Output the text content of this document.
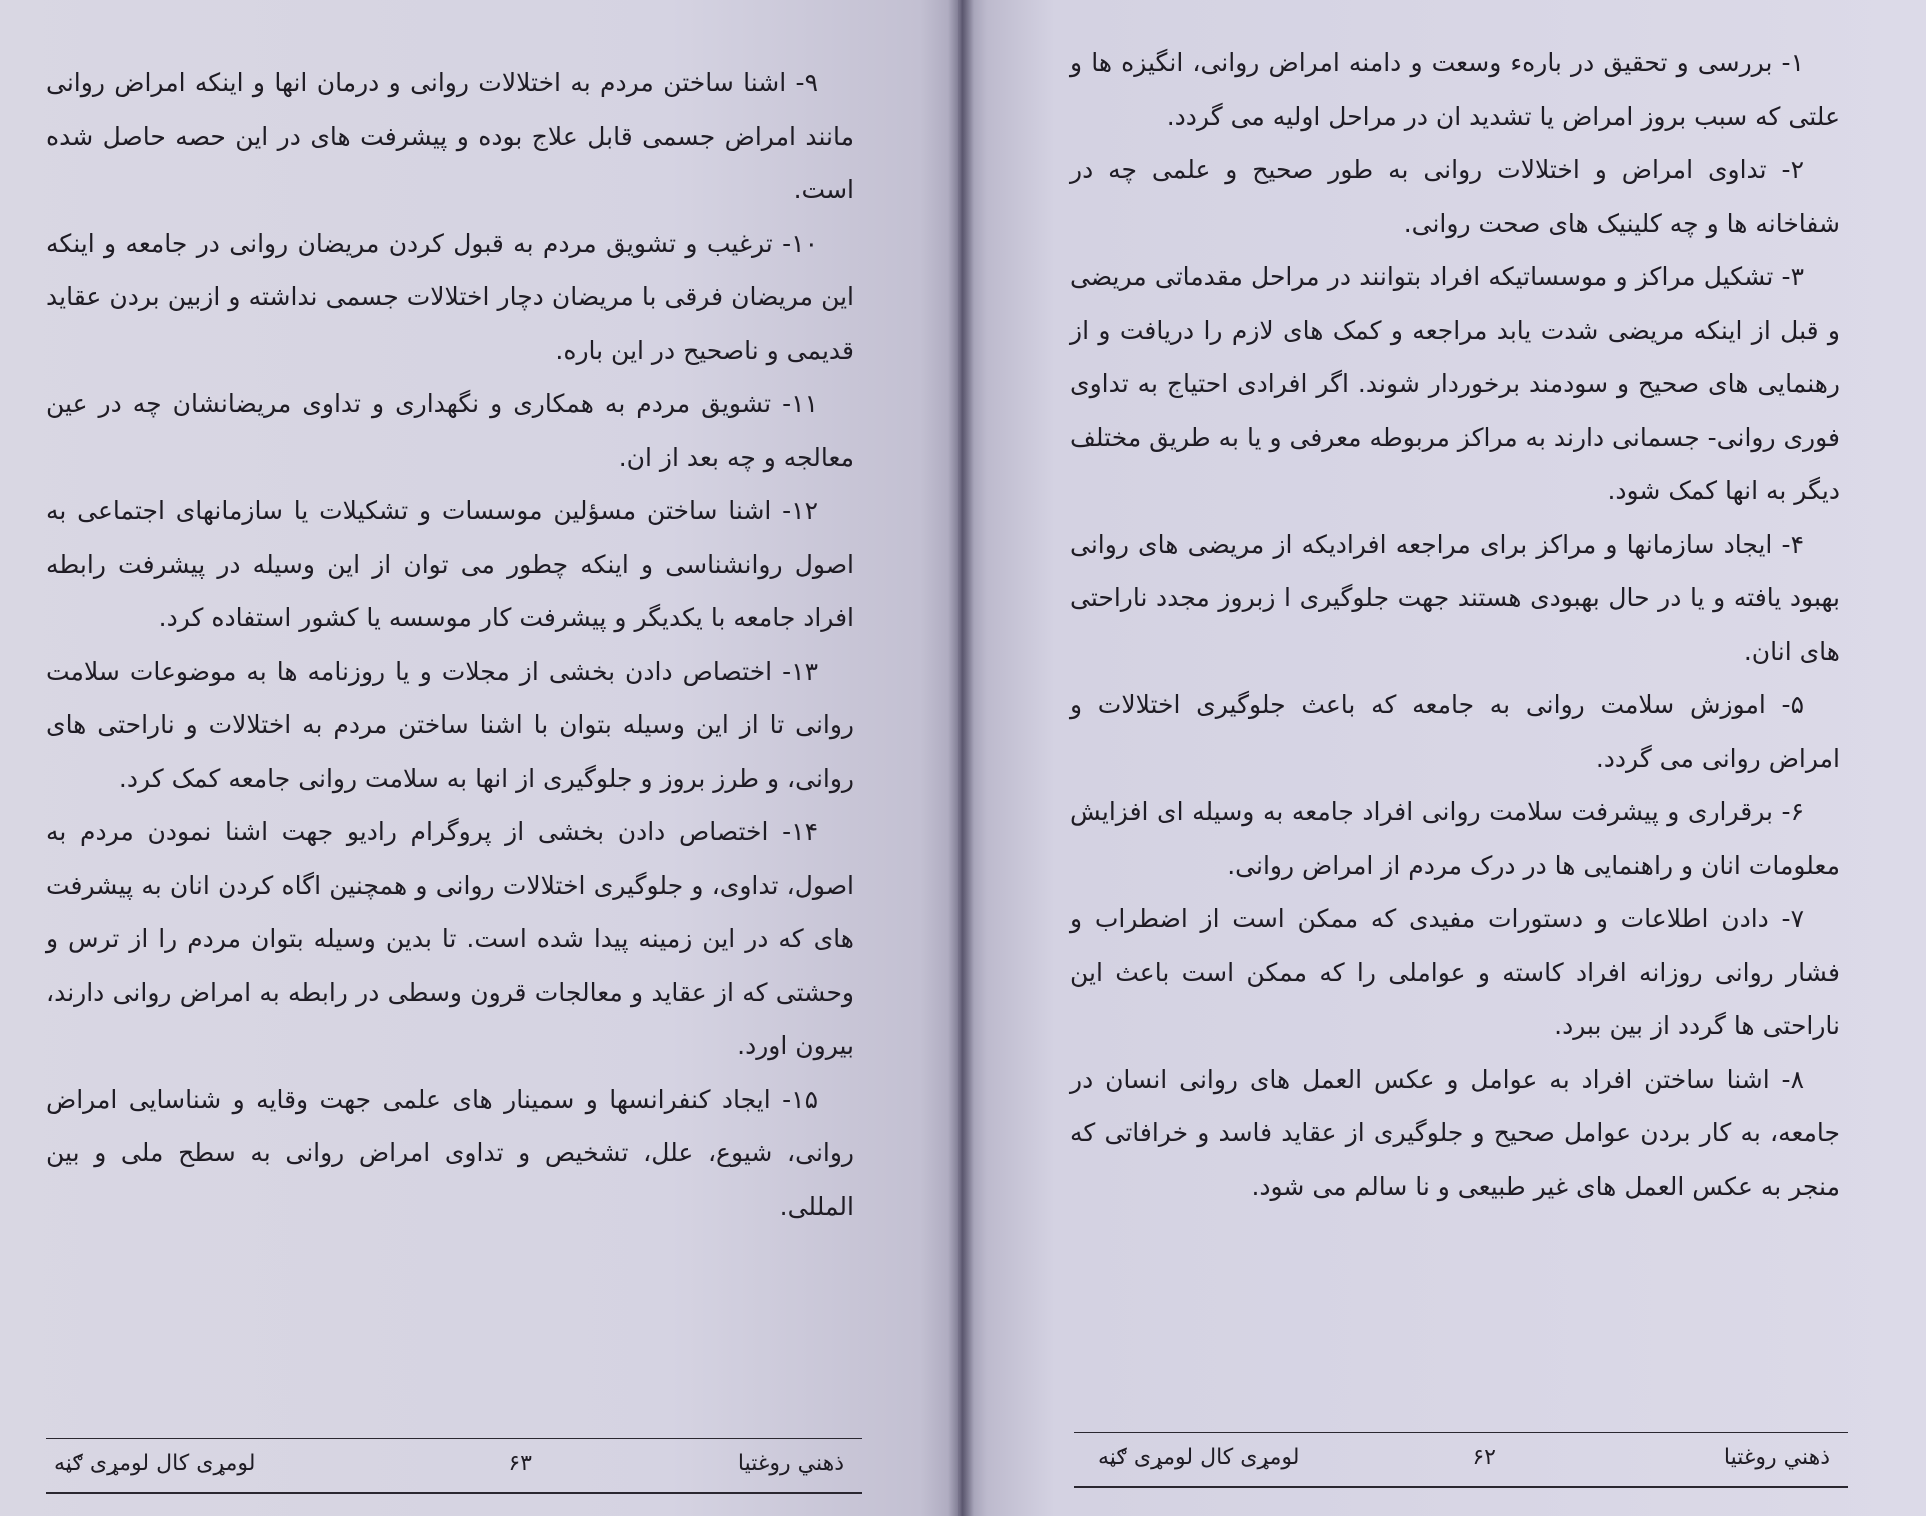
۹- اشنا ساختن مردم به اختلالات روانی و درمان انها و اینکه امراض روانی مانند امراض جسمی قابل علاج بوده و پیشرفت های در این حصه حاصل شده است.

۱۰- ترغیب و تشویق مردم به قبول کردن مریضان روانی در جامعه و اینکه این مریضان فرقی با مریضان دچار اختلالات جسمی نداشته و ازبین بردن عقاید قدیمی و ناصحیح در این باره.

۱۱- تشویق مردم به همکاری و نگهداری و تداوی مریضانشان چه در عین معالجه و چه بعد از ان.

۱۲- اشنا ساختن مسؤلین موسسات و تشکیلات یا سازمانهای اجتماعی به اصول روانشناسی و اینکه چطور می توان از این وسیله در پیشرفت رابطه افراد جامعه با یکدیگر و پیشرفت کار موسسه یا کشور استفاده کرد.

۱۳- اختصاص دادن بخشی از مجلات و یا روزنامه ها به موضوعات سلامت روانی تا از این وسیله بتوان با اشنا ساختن مردم به اختلالات و ناراحتی های روانی، و طرز بروز و جلوگیری از انها به سلامت روانی جامعه کمک کرد.

۱۴- اختصاص دادن بخشی از پروگرام رادیو جهت اشنا نمودن مردم به اصول، تداوی، و جلوگیری اختلالات روانی و همچنین اگاه کردن انان به پیشرفت های که در این زمینه پیدا شده است. تا بدین وسیله بتوان مردم را از ترس و وحشتی که از عقاید و معالجات قرون وسطی در رابطه به امراض روانی دارند، بیرون اورد.

۱۵- ایجاد کنفرانسها و سمینار های علمی جهت وقایه و شناسایی امراض روانی، شیوع، علل، تشخیص و تداوی امراض روانی به سطح ملی و بین المللی.

ذهني روغتيا
۶۳
لومړی کال لومړی ګڼه

۱- بررسی و تحقیق در بارهء وسعت و دامنه امراض روانی، انگیزه ها و علتی که سبب بروز امراض یا تشدید ان در مراحل اولیه می گردد.

۲- تداوی امراض و اختلالات روانی به طور صحیح و علمی چه در شفاخانه ها و چه کلینیک های صحت روانی.

۳- تشکیل مراکز و موسساتیکه افراد بتوانند در مراحل مقدماتی مریضی و قبل از اینکه مریضی شدت یابد مراجعه و کمک های لازم را دریافت و از رهنمایی های صحیح و سودمند برخوردار شوند. اگر افرادی احتیاج به تداوی فوری روانی- جسمانی دارند به مراکز مربوطه معرفی و یا به طریق مختلف دیگر به انها کمک شود.

۴- ایجاد سازمانها و مراکز برای مراجعه افرادیکه از مریضی های روانی بهبود یافته و یا در حال بهبودی هستند جهت جلوگیری ا زبروز مجدد ناراحتی های انان.

۵- اموزش سلامت روانی به جامعه که باعث جلوگیری اختلالات و امراض روانی می گردد.

۶- برقراری و پیشرفت سلامت روانی افراد جامعه به وسیله ای افزایش معلومات انان و راهنمایی ها در درک مردم از امراض روانی.

۷- دادن اطلاعات و دستورات مفیدی که ممکن است از اضطراب و فشار روانی روزانه افراد کاسته و عواملی را که ممکن است باعث این ناراحتی ها گردد از بین ببرد.

۸- اشنا ساختن افراد به عوامل و عکس العمل های روانی انسان در جامعه، به کار بردن عوامل صحیح و جلوگیری از عقاید فاسد و خرافاتی که منجر به عکس العمل های غیر طبیعی و نا سالم می شود.

ذهني روغتيا
۶۲
لومړی کال لومړی ګڼه
